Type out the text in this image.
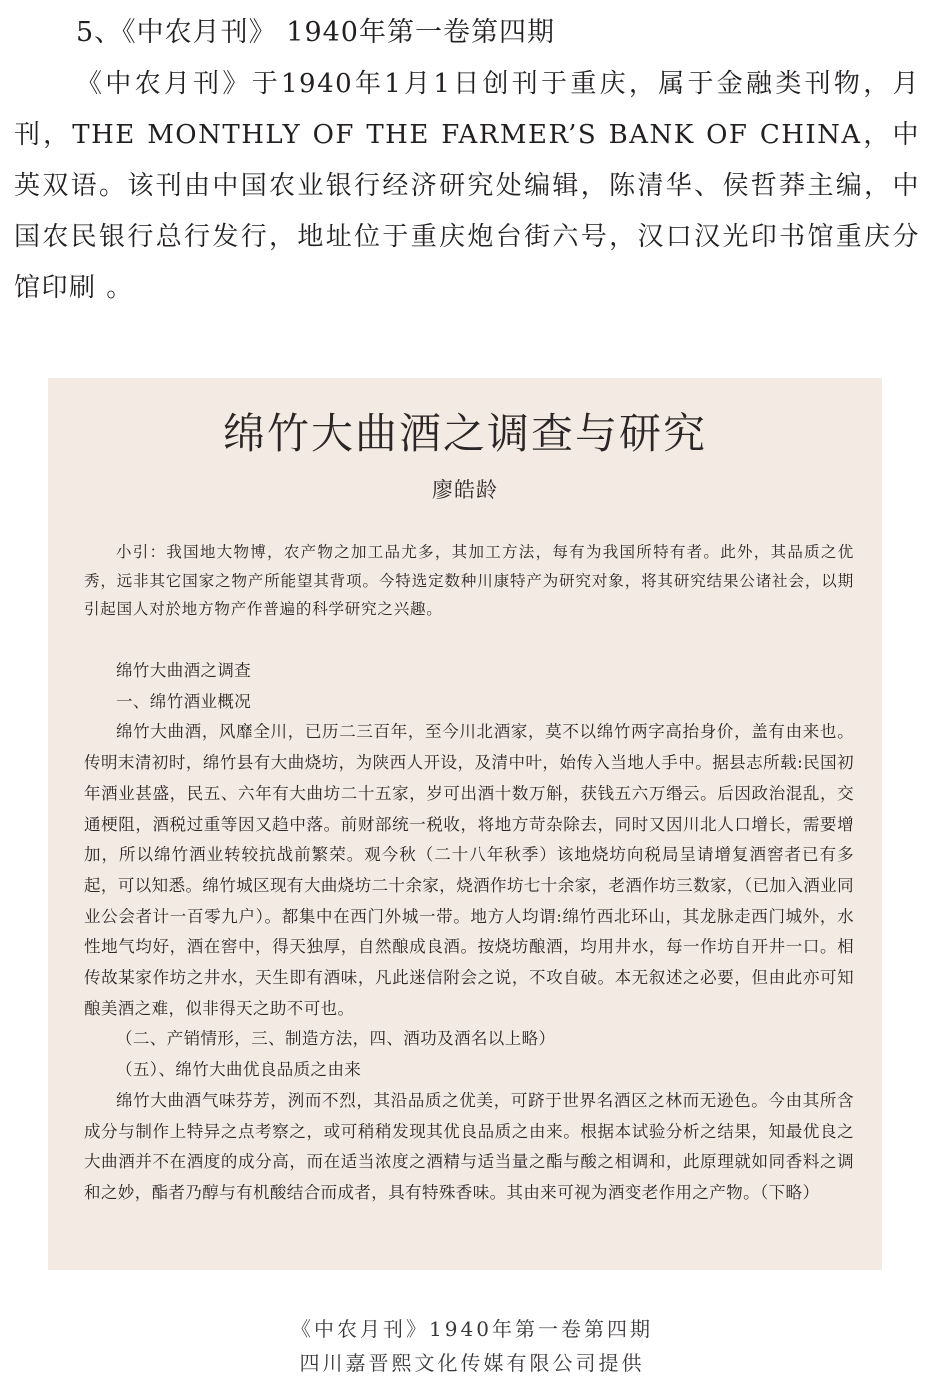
5、《中农月刊》 1940年第一卷第四期
《中农月刊》于1940年1月1日创刊于重庆，属于金融类刊物，月刊，THE MONTHLY OF THE FARMER’S BANK OF CHINA，中英双语。该刊由中国农业银行经济研究处编辑，陈清华、侯哲莽主编，中国农民银行总行发行，地址位于重庆炮台街六号，汉口汉光印书馆重庆分馆印刷 。
绵竹大曲酒之调查与研究
廖皓龄
小引：我国地大物博，农产物之加工品尤多，其加工方法，每有为我国所特有者。此外，其品质之优秀，远非其它国家之物产所能望其背项。今特选定数种川康特产为研究对象，将其研究结果公诸社会，以期引起国人对於地方物产作普遍的科学研究之兴趣。

绵竹大曲酒之调查

一、绵竹酒业概况

绵竹大曲酒，风靡全川，已历二三百年，至今川北酒家，莫不以绵竹两字高抬身价，盖有由来也。传明末清初时，绵竹县有大曲烧坊，为陕西人开设，及清中叶，始传入当地人手中。据县志所载:民国初年酒业甚盛，民五、六年有大曲坊二十五家，岁可出酒十数万斛，获钱五六万缗云。后因政治混乱，交通梗阻，酒税过重等因又趋中落。前财部统一税收，将地方苛杂除去，同时又因川北人口增长，需要增加，所以绵竹酒业转较抗战前繁荣。观今秋（二十八年秋季）该地烧坊向税局呈请增复酒窖者已有多起，可以知悉。绵竹城区现有大曲烧坊二十余家，烧酒作坊七十余家，老酒作坊三数家，（已加入酒业同业公会者计一百零九户）。都集中在西门外城一带。地方人均谓:绵竹西北环山，其龙脉走西门城外，水性地气均好，酒在窖中，得天独厚，自然酿成良酒。按烧坊酿酒，均用井水，每一作坊自开井一口。相传故某家作坊之井水，天生即有酒味，凡此迷信附会之说，不攻自破。本无叙述之必要，但由此亦可知酿美酒之难，似非得天之助不可也。

（二、产销情形，三、制造方法，四、酒功及酒名以上略）

（五）、绵竹大曲优良品质之由来

绵竹大曲酒气味芬芳，洌而不烈，其沿品质之优美，可跻于世界名酒区之林而无逊色。今由其所含成分与制作上特异之点考察之，或可稍稍发现其优良品质之由来。根据本试验分析之结果，知最优良之大曲酒并不在酒度的成分高，而在适当浓度之酒精与适当量之酯与酸之相调和，此原理就如同香料之调和之妙，酯者乃醇与有机酸结合而成者，具有特殊香味。其由来可视为酒变老作用之产物。（下略）

《中农月刊》1940年第一卷第四期
四川嘉晋熙文化传媒有限公司提供
